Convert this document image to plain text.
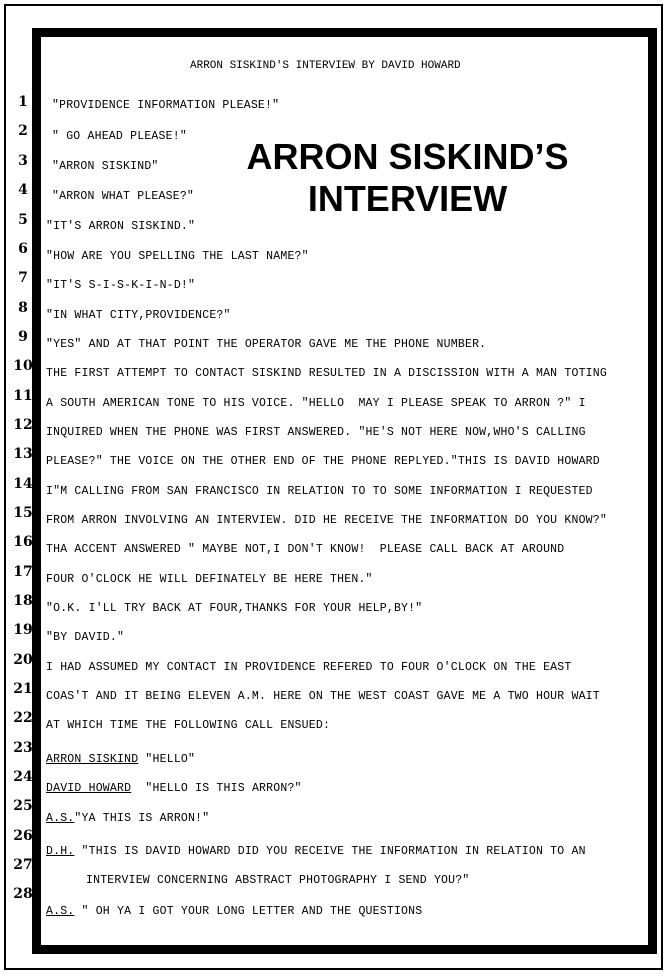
ARRON SISKIND'S INTERVIEW BY DAVID HOWARD
ARRON SISKIND’S
INTERVIEW
1
2
3
4
5
6
7
8
9
10
11
12
13
14
15
16
17
18
19
20
21
22
23
24
25
26
27
28
"PROVIDENCE INFORMATION PLEASE!"
" GO AHEAD PLEASE!"
"ARRON SISKIND"
"ARRON WHAT PLEASE?"
"IT'S ARRON SISKIND."
"HOW ARE YOU SPELLING THE LAST NAME?"
"IT'S S-I-S-K-I-N-D!"
"IN WHAT CITY,PROVIDENCE?"
"YES" AND AT THAT POINT THE OPERATOR GAVE ME THE PHONE NUMBER.
THE FIRST ATTEMPT TO CONTACT SISKIND RESULTED IN A DISCISSION WITH A MAN TOTING
A SOUTH AMERICAN TONE TO HIS VOICE. "HELLO  MAY I PLEASE SPEAK TO ARRON ?" I
INQUIRED WHEN THE PHONE WAS FIRST ANSWERED. "HE'S NOT HERE NOW,WHO'S CALLING
PLEASE?" THE VOICE ON THE OTHER END OF THE PHONE REPLYED."THIS IS DAVID HOWARD
I"M CALLING FROM SAN FRANCISCO IN RELATION TO TO SOME INFORMATION I REQUESTED
FROM ARRON INVOLVING AN INTERVIEW. DID HE RECEIVE THE INFORMATION DO YOU KNOW?"
THA ACCENT ANSWERED " MAYBE NOT,I DON'T KNOW!  PLEASE CALL BACK AT AROUND
FOUR O'CLOCK HE WILL DEFINATELY BE HERE THEN."
"O.K. I'LL TRY BACK AT FOUR,THANKS FOR YOUR HELP,BY!"
"BY DAVID."
I HAD ASSUMED MY CONTACT IN PROVIDENCE REFERED TO FOUR O'CLOCK ON THE EAST
COAS'T AND IT BEING ELEVEN A.M. HERE ON THE WEST COAST GAVE ME A TWO HOUR WAIT
AT WHICH TIME THE FOLLOWING CALL ENSUED:
ARRON SISKIND "HELLO"
DAVID HOWARD  "HELLO IS THIS ARRON?"
A.S."YA THIS IS ARRON!"
D.H. "THIS IS DAVID HOWARD DID YOU RECEIVE THE INFORMATION IN RELATION TO AN
INTERVIEW CONCERNING ABSTRACT PHOTOGRAPHY I SEND YOU?"
A.S. " OH YA I GOT YOUR LONG LETTER AND THE QUESTIONS
